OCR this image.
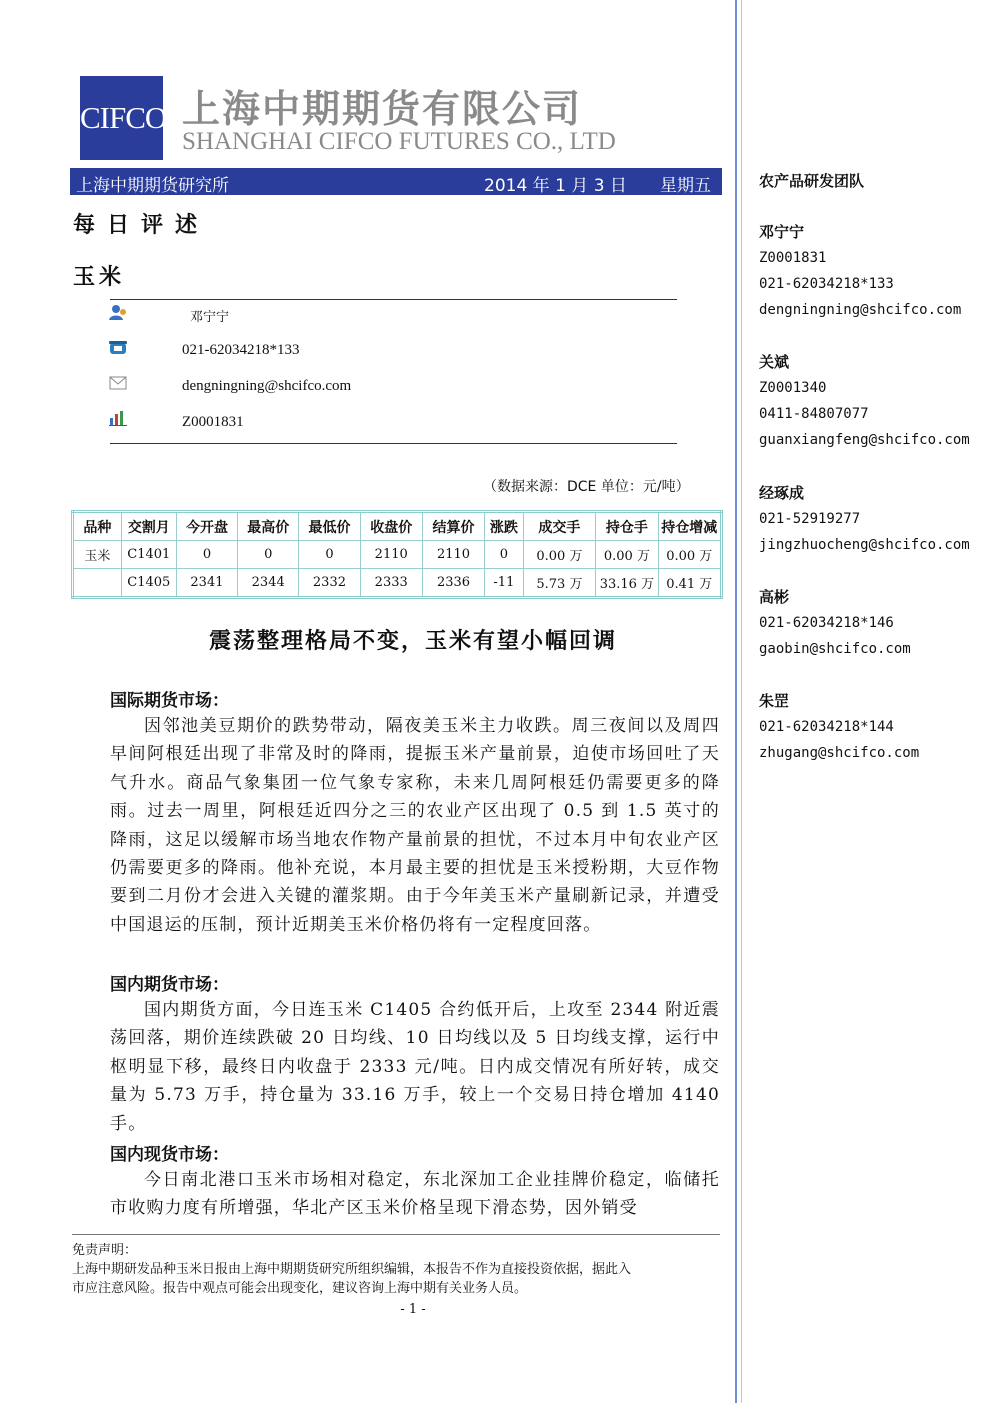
CIFCO 上海中期期货有限公司
SHANGHAI CIFCO FUTURES CO., LTD
上海中期期货研究所	2014 年 1 月 3 日 星期五
每日评述
玉米
邓宁宁
021-62034218*133
dengningning@shcifco.com
Z0001831
（数据来源：DCE 单位：元/吨）
品种	交割月	今开盘	最高价	最低价	收盘价	结算价	涨跌	成交手	持仓手	持仓增减
玉米	C1401	0	0	0	2110	2110	0	0.00 万	0.00 万	0.00 万
	C1405	2341	2344	2332	2333	2336	-11	5.73 万	33.16 万	0.41 万
震荡整理格局不变，玉米有望小幅回调
国际期货市场：
因邻池美豆期价的跌势带动，隔夜美玉米主力收跌。周三夜间以及周四早间阿根廷出现了非常及时的降雨，提振玉米产量前景，迫使市场回吐了天气升水。商品气象集团一位气象专家称，未来几周阿根廷仍需要更多的降雨。过去一周里，阿根廷近四分之三的农业产区出现了 0.5 到 1.5 英寸的降雨，这足以缓解市场当地农作物产量前景的担忧，不过本月中旬农业产区仍需要更多的降雨。他补充说，本月最主要的担忧是玉米授粉期，大豆作物要到二月份才会进入关键的灌浆期。由于今年美玉米产量刷新记录，并遭受中国退运的压制，预计近期美玉米价格仍将有一定程度回落。
国内期货市场：
国内期货方面，今日连玉米 C1405 合约低开后，上攻至 2344 附近震荡回落，期价连续跌破 20 日均线、10 日均线以及 5 日均线支撑，运行中枢明显下移，最终日内收盘于 2333 元/吨。日内成交情况有所好转，成交量为 5.73 万手，持仓量为 33.16 万手，较上一个交易日持仓增加 4140 手。
国内现货市场：
今日南北港口玉米市场相对稳定，东北深加工企业挂牌价稳定，临储托市收购力度有所增强，华北产区玉米价格呈现下滑态势，因外销受
免责声明：
上海中期研发品种玉米日报由上海中期期货研究所组织编辑，本报告不作为直接投资依据，据此入
市应注意风险。报告中观点可能会出现变化，建议咨询上海中期有关业务人员。
- 1 -
农产品研发团队
邓宁宁
Z0001831
021-62034218*133
dengningning@shcifco.com
关斌
Z0001340
0411-84807077
guanxiangfeng@shcifco.com
经琢成
021-52919277
jingzhuocheng@shcifco.com
高彬
021-62034218*146
gaobin@shcifco.com
朱罡
021-62034218*144
zhugang@shcifco.com
